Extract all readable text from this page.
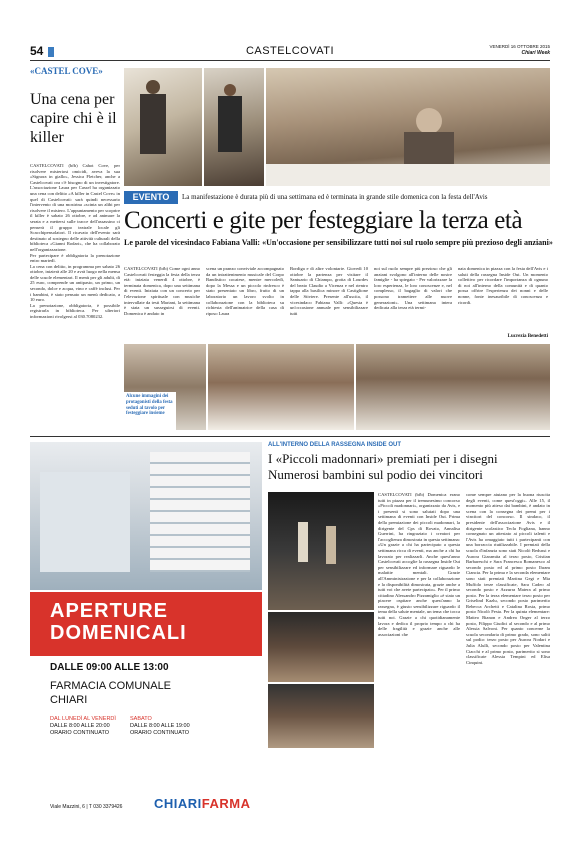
54	CASTELCOVATI	VENERDÌ 16 OTTOBRE 2015
Chiari Week
«CASTEL COVE»
Una cena per capire chi è il killer

CASTELCOVATI (bfb) Cahot Cove, per risolvere misteriosi omicidi, aveva la sua «Signora in giallo», Jessica Fletcher, anche a Castelcovati ora c'è bisogno di un investigatore. L'associazione Laura per Cassel ha organizzato una cena con delitto «A killer in Castel Cove» in quel di Castelcovati: sarà quindi necessario l'intervento di una mostrina «scinta un alibi per risolvere il mistero. L'appuntamento per scoprire il killer è sabato 26 ottobre, e ad animare la serata e a mettersi sulle tracce dell'assassino ci penserà il gruppo teatrale locale gli Scacchipensolatori. Il ricavato dell'evento sarà destinato al sostegno delle attività culturali della biblioteca «Gianni Rodari», che ha collaborato nell'organizzazione.

Per partecipare è obbligatoria la prenotazione entro martedì.

La cena con delitto, in programma per sabato 26 ottobre, inizierà alle 20 e avrà luogo nella mensa delle scuole elementari. Il menù per gli adulti, di 25 euro, comprende un antipasto, un primo, un secondo, dolce e acqua, vino e caffè inclusi. Per i bambini, è stato pensato un menù dedicato, a 10 euro.

La prenotazione, obbligatoria, è possibile registrarla in biblioteca. Per ulteriori informazioni rivolgersi al 030.7080232.

EVENTO	La manifestazione è durata più di una settimana ed è terminata in grande stile domenica con la festa dell'Avis
Concerti e gite per festeggiare la terza età
Le parole del vicesindaco Fabiana Valli: «Un'occasione per sensibilizzare tutti noi sul ruolo sempre più prezioso degli anziani»
CASTELCOVATI (bfb) Come ogni anno Castelcovati festeggia la festa della terza età: iniziata venerdì 4 ottobre, è terminata domenica, dopo una settimana di eventi. Iniziata con un concerto per l'elevazione spirituale con musiche intervallate da testi Mariani, la settimana è stata un susseguirsi di eventi. Domenica è andato in
scena un pranzo conviviale accompagnato da un intrattenimento musicale del Corpo Bandistico cocaiese, mentre mercoledì, dopo la Messa e un piccolo rinfresco è stato presentato un libro, frutto di un laboratorio un lavoro svolto in collaborazione con la biblioteca su richiesta dell'animatrice della casa di riposo Laura
Bordiga e di altre volontarie. Giovedì 10 ottobre la partenza per visitare il Santuario di Chiampo, grotta di Lourdes del beato Claudio a Vicenza e nel rientro tappa alla basilica minore di Castiglione delle Stiviere. Presente all'uscita, il vicesindaco Fabiana Valli: «Questa è un'occasione annuale per sensibilizzare tutti
noi sul ruolo sempre più prezioso che gli anziani svolgono all'interno delle nostre famiglie - ha spiegato - Per valorizzare la loro esperienza, le loro conoscenze e, nel complesso, il bagaglio di valori che possono tramettere alle nuove generazioni». Una settimana intera dedicata alla terza età termi-
nata domenica in piazza con la festa dell'Avis e i saluti della rassegna Inside Out. Un momento collettivo per ricordare l'importanza di ognuno di noi all'interno della comunità e di quanto possa offrire l'esperienza dei nonni e delle nonne, fonte inesauribile di conoscenza e ricordi.
Lucrezia Benedetti
Alcune immagini dei protagonisti della festa seduti al tavolo per festeggiare insieme
ALL'INTERNO DELLA RASSEGNA INSIDE OUT
I «Piccoli madonnari» premiati per i disegni
Numerosi bambini sul podio dei vincitori
CASTELCOVATI (bfb) Domenica erano tutti in piazza per il tremunesimo concorso «Piccoli madonnari», organizzato da Avis, e i presenti si sono salutati dopo una settimana di eventi con Inside Out. Prima della premiazione dei piccoli madonnari, la dirigente del Cps di Rovato, Annalisa Guerrini, ha ringraziato i creatori per l'accoglienza dimostrata in questa settimana: «Un grazie a chi ha partecipato a questa settimana ricca di eventi, ma anche a chi ha lavorato per realizzarli. Anche quest'anno Castelcovati accoglie la rassegna Inside Out per sensibilizzare ed informare riguardo le malattie mentali. Grazie all'Amministrazione e per la collaborazione e la disponibilità dimostrata, grazie anche a tutti voi che avete partecipato». Per il primo cittadino Alessandro Pizzamiglio «è stato un piacere ospitare anche quest'anno la rassegna, è giusto sensibilizzare riguardo il tema della salute mentale, un tema che tocca tutti noi. Grazie a chi quotidianamente lavora e dedica il proprio tempo a chi ha delle fragilità e grazie anche alle associazioni che
come sempre aiutano per la buona riuscita degli eventi, come quest'oggi». Alle 15, il momento più atteso dai bambini, è andato in scena con la consegna dei premi per i vincitori del concorso. Il sindaco, il presidente dell'associazione Avis e il dirigente scolastico Tecla Fogliana, hanno consegnato un attestato ai piccoli talenti e l'Avis ha omaggiato tutti i partecipanti con una borraccia riutilizzabile. I premiati della scuola d'infanzia sono stati Nicolò Bedussi e Aurora Giaramita al terzo posto, Cristian Barbareschi e Sara Francesca Romanesco al secondo posto ed al primo posto Ihram Ciancia. Per la prima e la seconda elementare sono stati premiati Martina Gegi e Mia Muffolo terze classificate, Sara Cadeo al secondo posto e Azzurra Matera al primo posto. Per la terza elementare terzo posto per Griselind Kazlu, secondo posto parimerito Rebecca Archetti e Catalina Rosia, primo posto Nicolò Festa. Per la quinta elementare: Matteo Bianon e Andrea Onger al terzo posto, Filippo Giudici al secondo e al primo Alessia Salvoni. Per quanto concerne la scuola secondaria di primo grado, sono saliti sul podio: terzo posto per Aurora Nodari e Julia Alulli, secondo posto per Valentina Ciacchi e al primo posto, parimerito si sono classificate Alessia Tempini ed Elisa Cinquini.
APERTURE
DOMENICALI
DALLE 09:00 ALLE 13:00
FARMACIA COMUNALE
CHIARI
DAL LUNEDÌ AL VENERDÌ
DALLE 8:00 ALLE 20:00
ORARIO CONTINUATO
SABATO
DALLE 8:00 ALLE 19:00
ORARIO CONTINUATO
Viale Mazzini, 6 | T 030 3379426 CHIARIFARMA
